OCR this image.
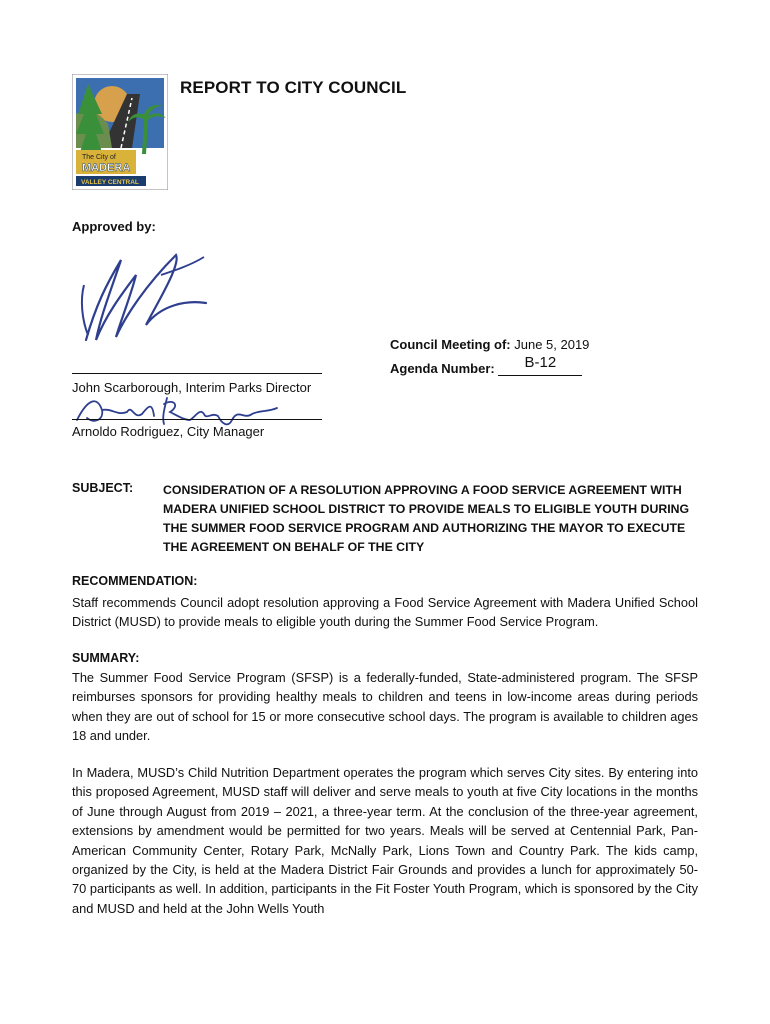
The City of
MADERA
VALLEY CENTRAL
REPORT TO CITY COUNCIL
Approved by:
John Scarborough, Interim Parks Director
Arnoldo Rodriguez, City Manager
Council Meeting of: June 5, 2019
Agenda Number:	B-12
SUBJECT: CONSIDERATION OF A RESOLUTION APPROVING A FOOD SERVICE AGREEMENT WITH MADERA UNIFIED SCHOOL DISTRICT TO PROVIDE MEALS TO ELIGIBLE YOUTH DURING THE SUMMER FOOD SERVICE PROGRAM AND AUTHORIZING THE MAYOR TO EXECUTE THE AGREEMENT ON BEHALF OF THE CITY
RECOMMENDATION:
Staff recommends Council adopt resolution approving a Food Service Agreement with Madera Unified School District (MUSD) to provide meals to eligible youth during the Summer Food Service Program.
SUMMARY:
The Summer Food Service Program (SFSP) is a federally-funded, State-administered program. The SFSP reimburses sponsors for providing healthy meals to children and teens in low-income areas during periods when they are out of school for 15 or more consecutive school days. The program is available to children ages 18 and under.
In Madera, MUSD’s Child Nutrition Department operates the program which serves City sites. By entering into this proposed Agreement, MUSD staff will deliver and serve meals to youth at five City locations in the months of June through August from 2019 – 2021, a three-year term. At the conclusion of the three-year agreement, extensions by amendment would be permitted for two years. Meals will be served at Centennial Park, Pan-American Community Center, Rotary Park, McNally Park, Lions Town and Country Park. The kids camp, organized by the City, is held at the Madera District Fair Grounds and provides a lunch for approximately 50-70 participants as well. In addition, participants in the Fit Foster Youth Program, which is sponsored by the City and MUSD and held at the John Wells Youth
